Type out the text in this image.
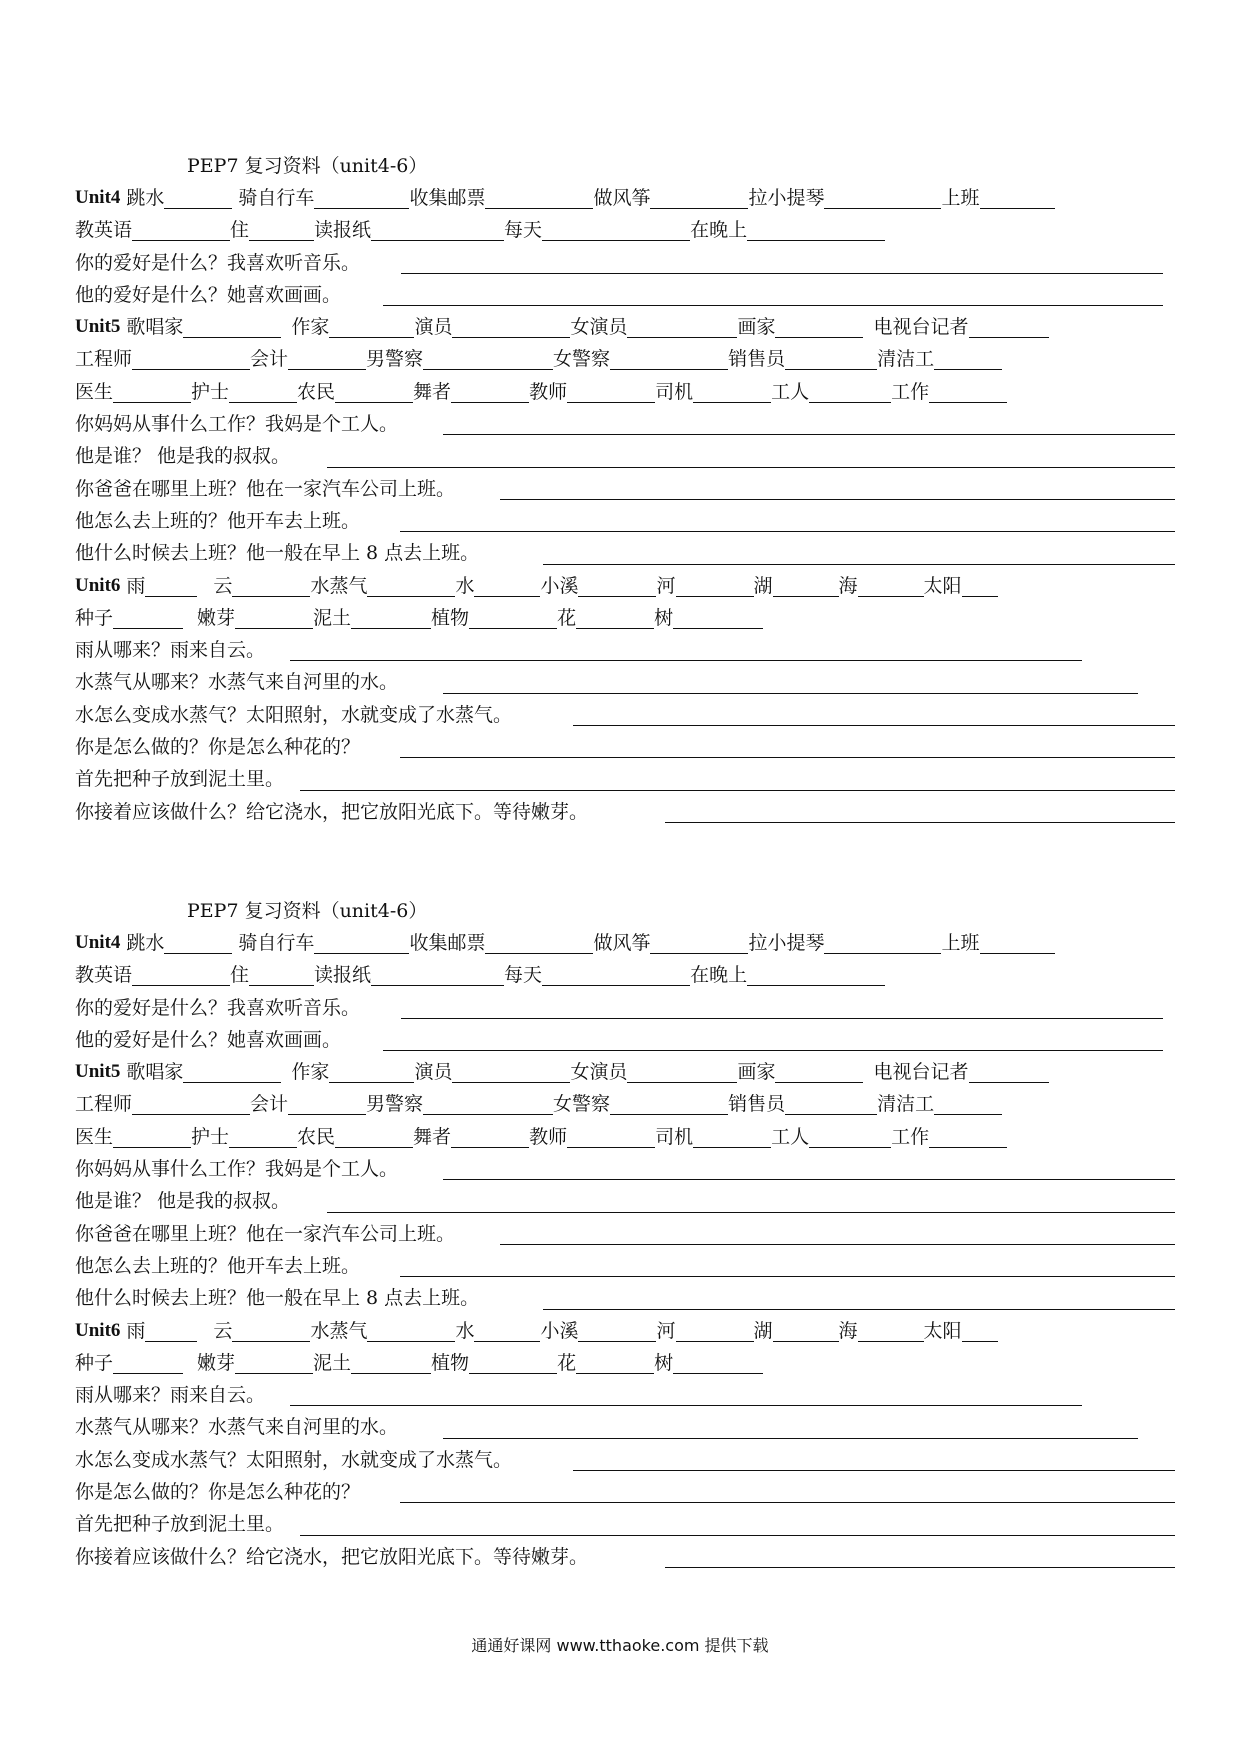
PEP7 复习资料（unit4-6）
Unit4 跳水	骑自行车	收集邮票	做风筝	拉小提琴	上班
教英语	住	读报纸	每天	在晚上
你的爱好是什么？我喜欢听音乐。
他的爱好是什么？她喜欢画画。
Unit5 歌唱家	作家	演员	女演员	画家	电视台记者
工程师	会计	男警察	女警察	销售员	清洁工
医生	护士	农民	舞者	教师	司机	工人	工作
你妈妈从事什么工作？我妈是个工人。
他是谁？ 他是我的叔叔。
你爸爸在哪里上班？他在一家汽车公司上班。
他怎么去上班的？他开车去上班。
他什么时候去上班？他一般在早上 8 点去上班。
Unit6 雨	云	水蒸气	水	小溪	河	湖	海	太阳
种子	嫩芽	泥土	植物	花	树
雨从哪来？雨来自云。
水蒸气从哪来？水蒸气来自河里的水。
水怎么变成水蒸气？太阳照射，水就变成了水蒸气。
你是怎么做的？你是怎么种花的？
首先把种子放到泥土里。
你接着应该做什么？给它浇水，把它放阳光底下。等待嫩芽。
PEP7 复习资料（unit4-6）
Unit4 跳水	骑自行车	收集邮票	做风筝	拉小提琴	上班
教英语	住	读报纸	每天	在晚上
你的爱好是什么？我喜欢听音乐。
他的爱好是什么？她喜欢画画。
Unit5 歌唱家	作家	演员	女演员	画家	电视台记者
工程师	会计	男警察	女警察	销售员	清洁工
医生	护士	农民	舞者	教师	司机	工人	工作
你妈妈从事什么工作？我妈是个工人。
他是谁？ 他是我的叔叔。
你爸爸在哪里上班？他在一家汽车公司上班。
他怎么去上班的？他开车去上班。
他什么时候去上班？他一般在早上 8 点去上班。
Unit6 雨	云	水蒸气	水	小溪	河	湖	海	太阳
种子	嫩芽	泥土	植物	花	树
雨从哪来？雨来自云。
水蒸气从哪来？水蒸气来自河里的水。
水怎么变成水蒸气？太阳照射，水就变成了水蒸气。
你是怎么做的？你是怎么种花的？
首先把种子放到泥土里。
你接着应该做什么？给它浇水，把它放阳光底下。等待嫩芽。
通通好课网 www.tthaoke.com 提供下载
